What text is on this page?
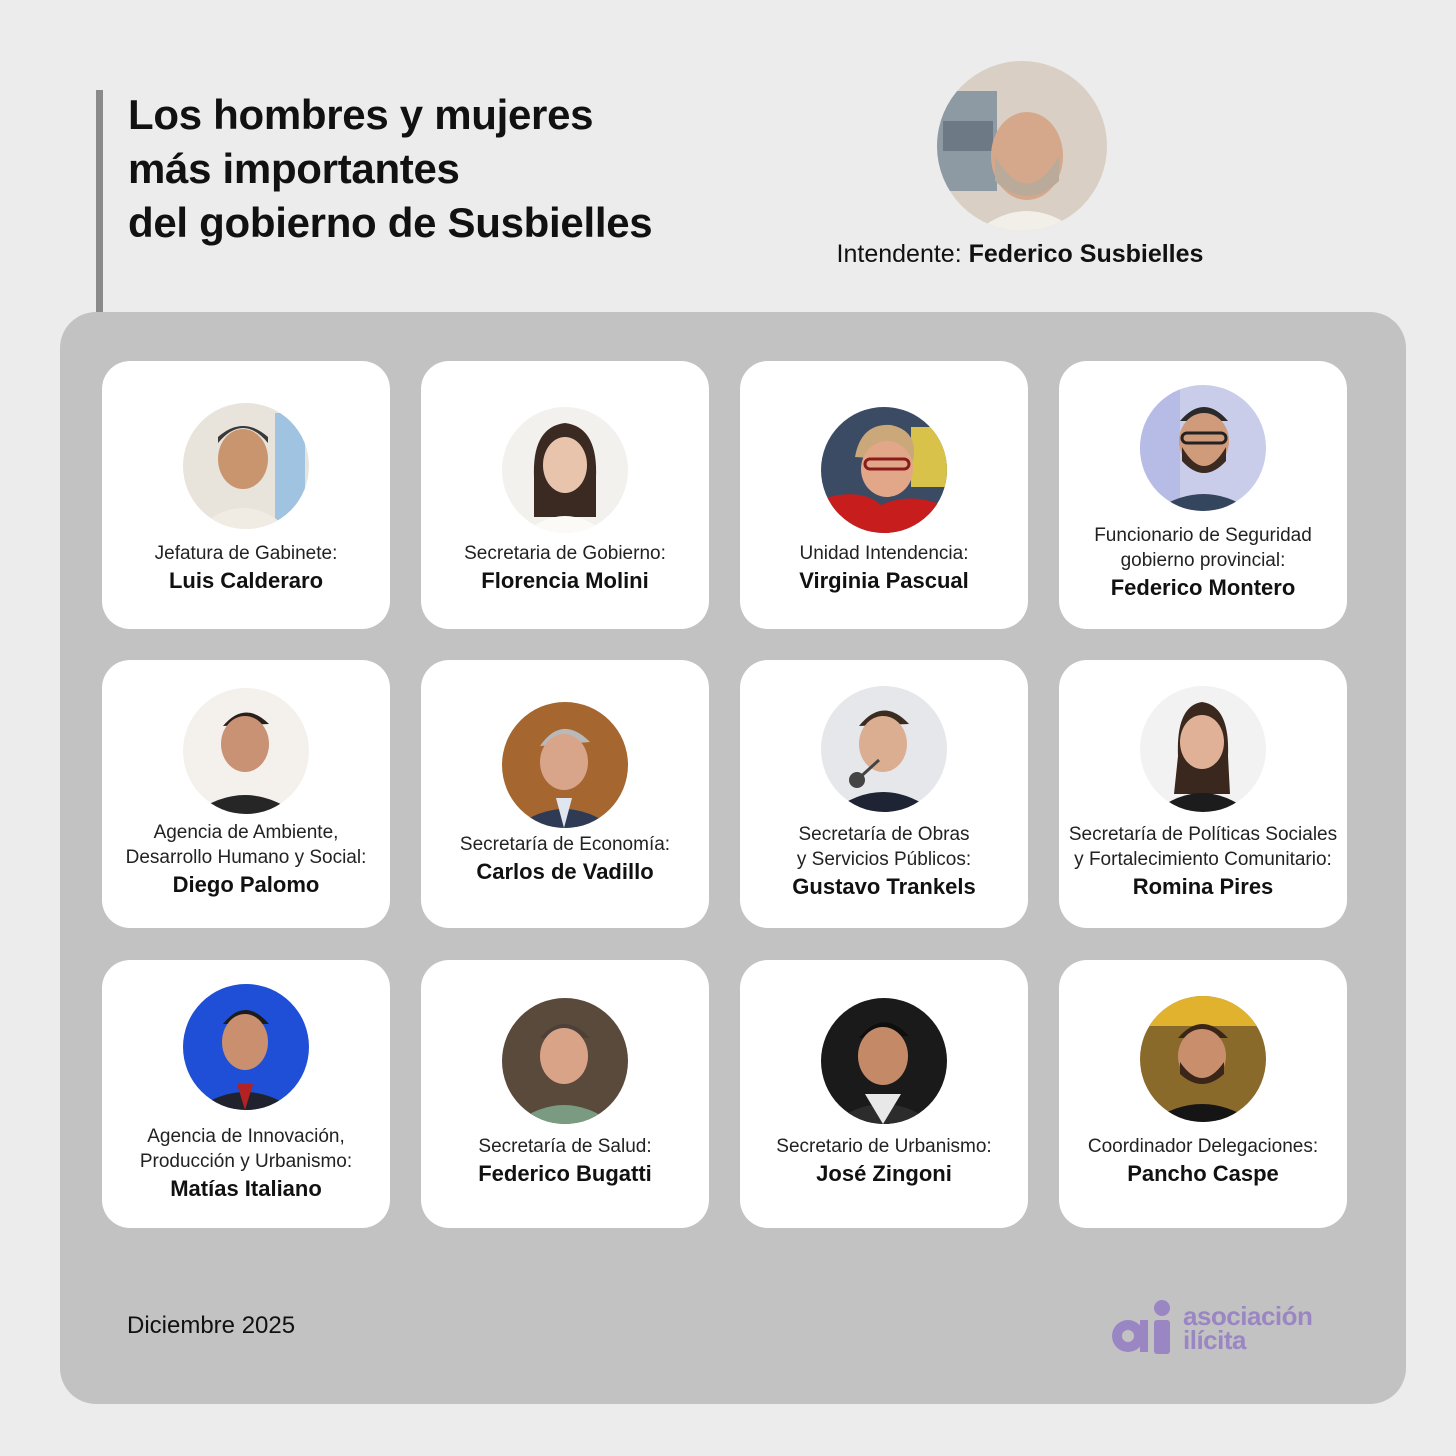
Los hombres y mujeres
más importantes
del gobierno de Susbielles
Intendente: Federico Susbielles
Jefatura de Gabinete:
Luis Calderaro
Secretaria de Gobierno:
Florencia Molini
Unidad Intendencia:
Virginia Pascual
Funcionario de Seguridad
gobierno provincial:
Federico Montero
Agencia de Ambiente,
Desarrollo Humano y Social:
Diego Palomo
Secretaría de Economía:
Carlos de Vadillo
Secretaría de Obras
y Servicios Públicos:
Gustavo Trankels
Secretaría de Políticas Sociales
y Fortalecimiento Comunitario:
Romina Pires
Agencia de Innovación,
Producción y Urbanismo:
Matías Italiano
Secretaría de Salud:
Federico Bugatti
Secretario de Urbanismo:
José Zingoni
Coordinador Delegaciones:
Pancho Caspe
Diciembre 2025	asociación
ilícita
